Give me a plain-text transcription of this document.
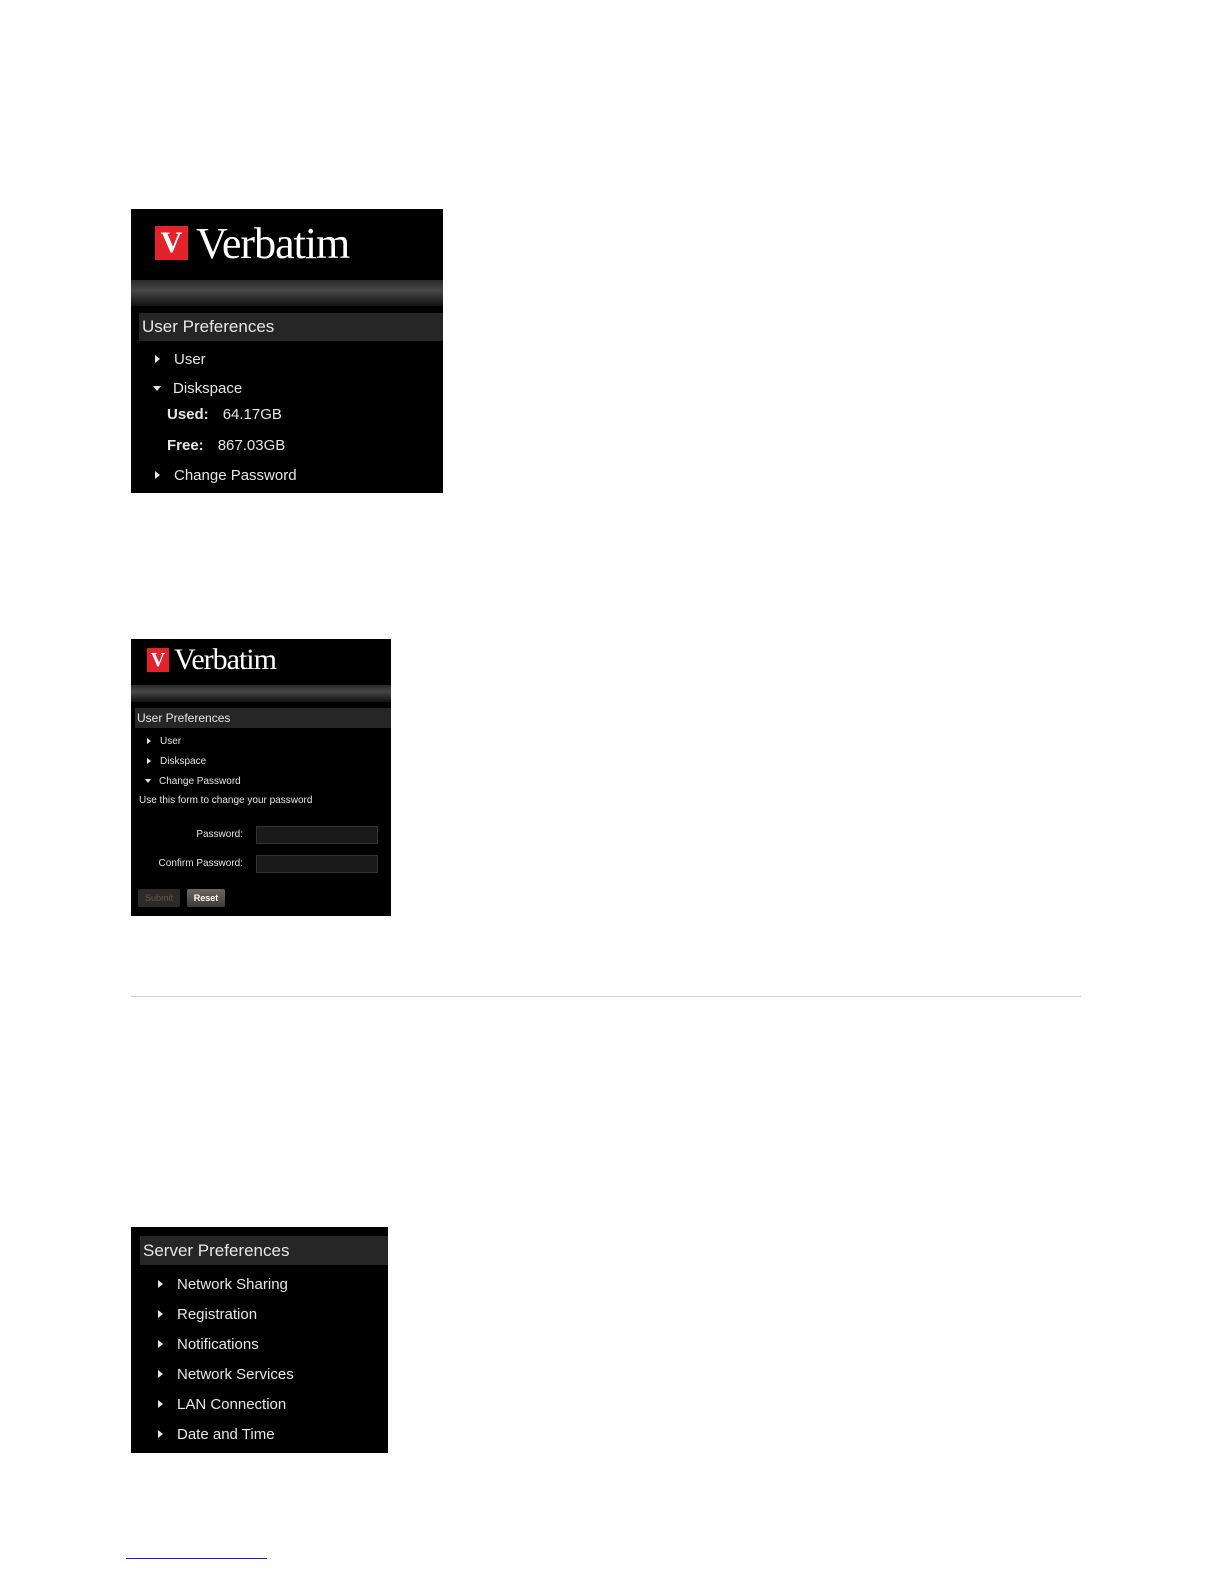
V Verbatim
User Preferences
User
Diskspace
Used: 64.17GB
Free: 867.03GB
Change Password
V Verbatim
User Preferences
User
Diskspace
Change Password
Use this form to change your password
Password:
Confirm Password:
Submit	Reset
Server Preferences
Network Sharing
Registration
Notifications
Network Services
LAN Connection
Date and Time
